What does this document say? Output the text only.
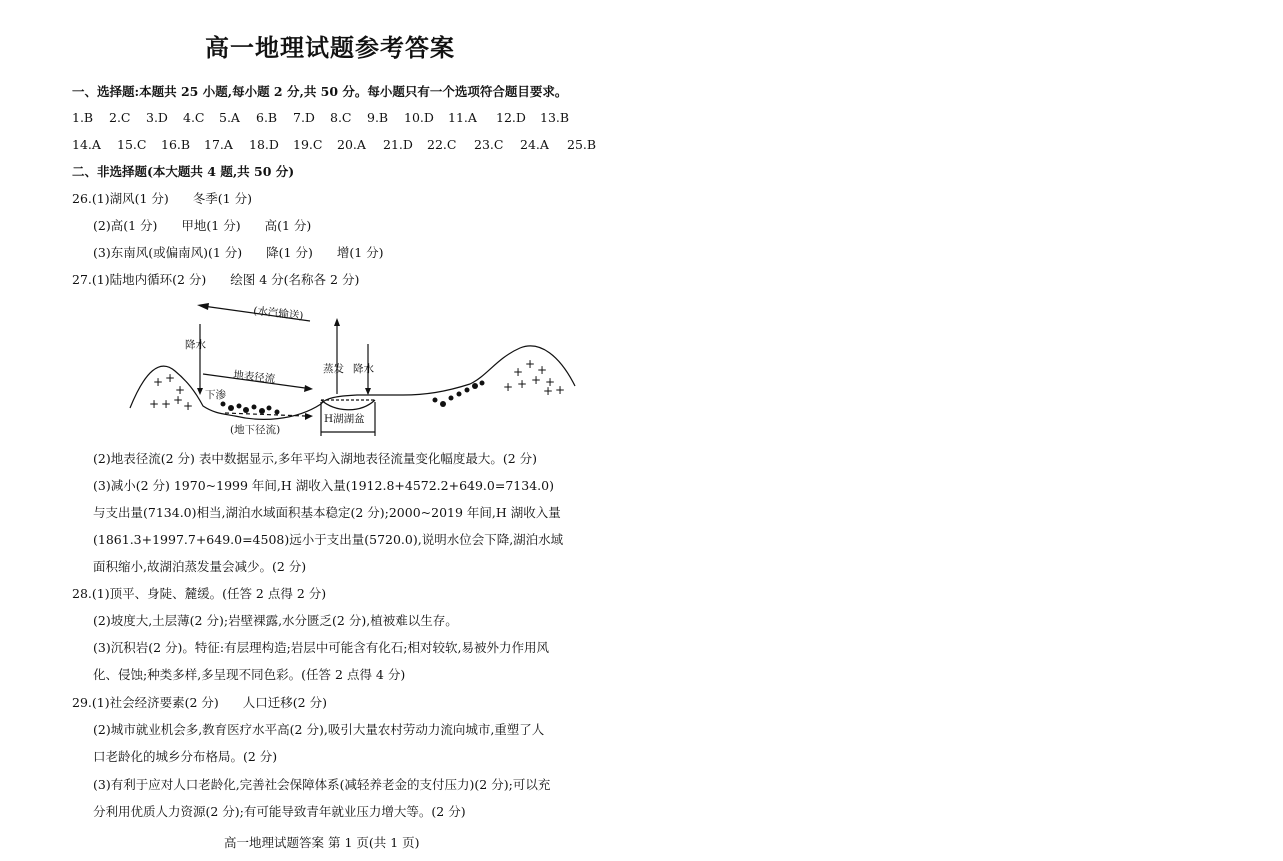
高一地理试题参考答案
一、选择题:本题共 25 小题,每小题 2 分,共 50 分。每小题只有一个选项符合题目要求。
1.B 2.C 3.D 4.C 5.A 6.B 7.D 8.C 9.B 10.D 11.A 12.D 13.B
14.A 15.C 16.B 17.A 18.D 19.C 20.A 21.D 22.C 23.C 24.A 25.B
二、非选择题(本大题共 4 题,共 50 分)
26.(1)湖风(1 分) 冬季(1 分)
(2)高(1 分) 甲地(1 分) 高(1 分)
(3)东南风(或偏南风)(1 分) 降(1 分) 增(1 分)
27.(1)陆地内循环(2 分) 绘图 4 分(名称各 2 分)
+ +
+
+ + + +
+
+ +
+ + + +
+
+
(水汽输送)
降水
地表径流
下渗
蒸发 降水
(地下径流)
H湖湖盆
(2)地表径流(2 分) 表中数据显示,多年平均入湖地表径流量变化幅度最大。(2 分)
(3)减小(2 分) 1970~1999 年间,H 湖收入量(1912.8+4572.2+649.0=7134.0)
与支出量(7134.0)相当,湖泊水域面积基本稳定(2 分);2000~2019 年间,H 湖收入量
(1861.3+1997.7+649.0=4508)远小于支出量(5720.0),说明水位会下降,湖泊水域
面积缩小,故湖泊蒸发量会减少。(2 分)
28.(1)顶平、身陡、麓缓。(任答 2 点得 2 分)
(2)坡度大,土层薄(2 分);岩壁裸露,水分匮乏(2 分),植被难以生存。
(3)沉积岩(2 分)。特征:有层理构造;岩层中可能含有化石;相对较软,易被外力作用风
化、侵蚀;种类多样,多呈现不同色彩。(任答 2 点得 4 分)
29.(1)社会经济要素(2 分) 人口迁移(2 分)
(2)城市就业机会多,教育医疗水平高(2 分),吸引大量农村劳动力流向城市,重塑了人
口老龄化的城乡分布格局。(2 分)
(3)有利于应对人口老龄化,完善社会保障体系(减轻养老金的支付压力)(2 分);可以充
分利用优质人力资源(2 分);有可能导致青年就业压力增大等。(2 分)
高一地理试题答案 第 1 页(共 1 页)
